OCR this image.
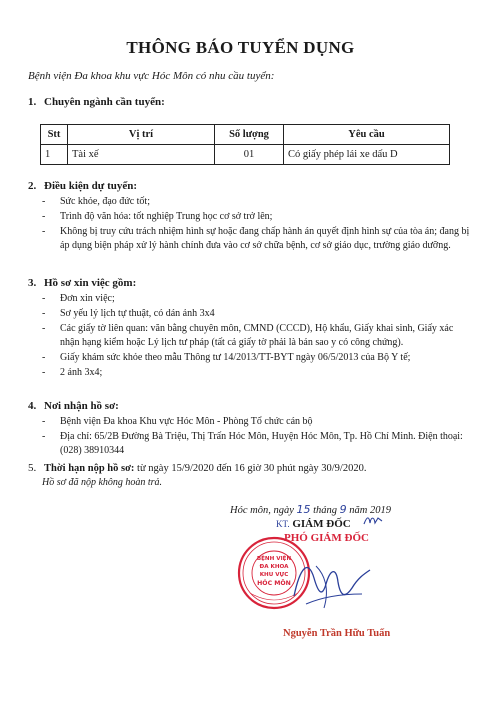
THÔNG BÁO TUYỂN DỤNG
Bệnh viện Đa khoa khu vực Hóc Môn có nhu cầu tuyển:
1. Chuyên ngành cần tuyển:
Stt	Vị trí	Số lượng	Yêu cầu
1	Tài xế	01	Có giấy phép lái xe dấu D
2. Điều kiện dự tuyển:
- Sức khỏe, đạo đức tốt;
- Trình độ văn hóa: tốt nghiệp Trung học cơ sở trở lên;
- Không bị truy cứu trách nhiệm hình sự hoặc đang chấp hành án quyết định hình sự của tòa án; đang bị áp dụng biện pháp xử lý hành chính đưa vào cơ sở chữa bệnh, cơ sở giáo dục, trường giáo dưỡng.
3. Hồ sơ xin việc gồm:
- Đơn xin việc;
- Sơ yếu lý lịch tự thuật, có dán ảnh 3x4
- Các giấy tờ liên quan: văn bằng chuyên môn, CMND (CCCD), Hộ khẩu, Giấy khai sinh, Giấy xác nhận hạng kiểm hoặc Lý lịch tư pháp (tất cả giấy tờ phải là bản sao y có công chứng).
- Giấy khám sức khỏe theo mẫu Thông tư 14/2013/TT-BYT ngày 06/5/2013 của Bộ Y tế;
- 2 ảnh 3x4;
4. Nơi nhận hồ sơ:
- Bệnh viện Đa khoa Khu vực Hóc Môn - Phòng Tổ chức cán bộ
- Địa chỉ: 65/2B Đường Bà Triệu, Thị Trấn Hóc Môn, Huyện Hóc Môn, Tp. Hồ Chí Minh. Điện thoại: (028) 38910344
5. Thời hạn nộp hồ sơ: từ ngày 15/9/2020 đến 16 giờ 30 phút ngày 30/9/2020.
Hồ sơ đã nộp không hoàn trả.
Hóc môn, ngày 15 tháng 9 năm 2019
KT. GIÁM ĐỐC
PHÓ GIÁM ĐỐC
BỆNH VIỆN
ĐA KHOA
KHU VỰC
HÓC MÔN
Nguyễn Trần Hữu Tuấn
